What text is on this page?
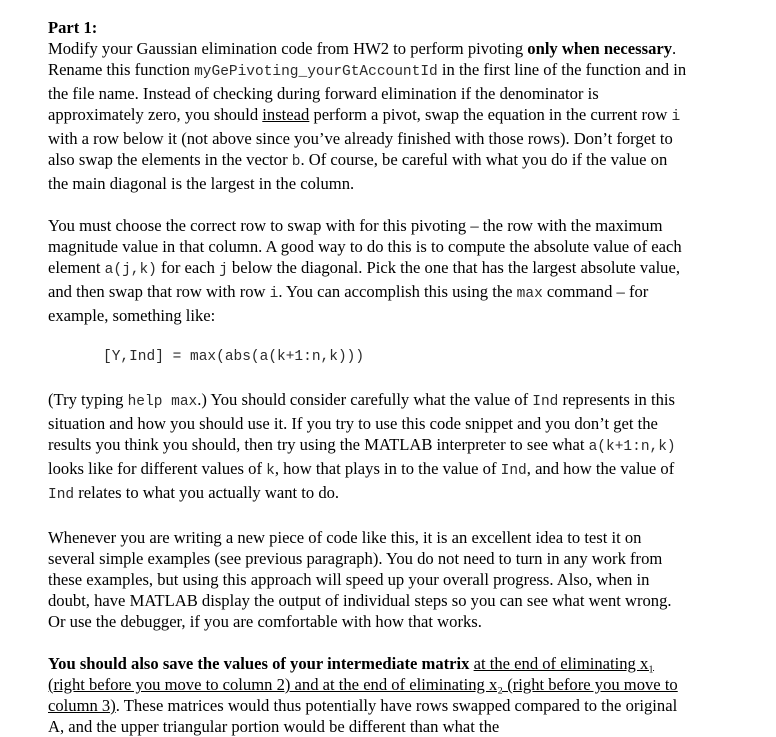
Part 1:

Modify your Gaussian elimination code from HW2 to perform pivoting only when necessary. Rename this function myGePivoting_yourGtAccountId in the first line of the function and in the file name. Instead of checking during forward elimination if the denominator is approximately zero, you should instead perform a pivot, swap the equation in the current row i with a row below it (not above since you’ve already finished with those rows). Don’t forget to also swap the elements in the vector b. Of course, be careful with what you do if the value on the main diagonal is the largest in the column.

You must choose the correct row to swap with for this pivoting – the row with the maximum magnitude value in that column. A good way to do this is to compute the absolute value of each element a(j,k) for each j below the diagonal. Pick the one that has the largest absolute value, and then swap that row with row i. You can accomplish this using the max command – for example, something like:

[Y,Ind] = max(abs(a(k+1:n,k)))

(Try typing help max.) You should consider carefully what the value of Ind represents in this situation and how you should use it. If you try to use this code snippet and you don’t get the results you think you should, then try using the MATLAB interpreter to see what a(k+1:n,k) looks like for different values of k, how that plays in to the value of Ind, and how the value of Ind relates to what you actually want to do.

Whenever you are writing a new piece of code like this, it is an excellent idea to test it on several simple examples (see previous paragraph). You do not need to turn in any work from these examples, but using this approach will speed up your overall progress. Also, when in doubt, have MATLAB display the output of individual steps so you can see what went wrong. Or use the debugger, if you are comfortable with how that works.

You should also save the values of your intermediate matrix at the end of eliminating x₁ (right before you move to column 2) and at the end of eliminating x₂ (right before you move to column 3). These matrices would thus potentially have rows swapped compared to the original A, and the upper triangular portion would be different than what the
